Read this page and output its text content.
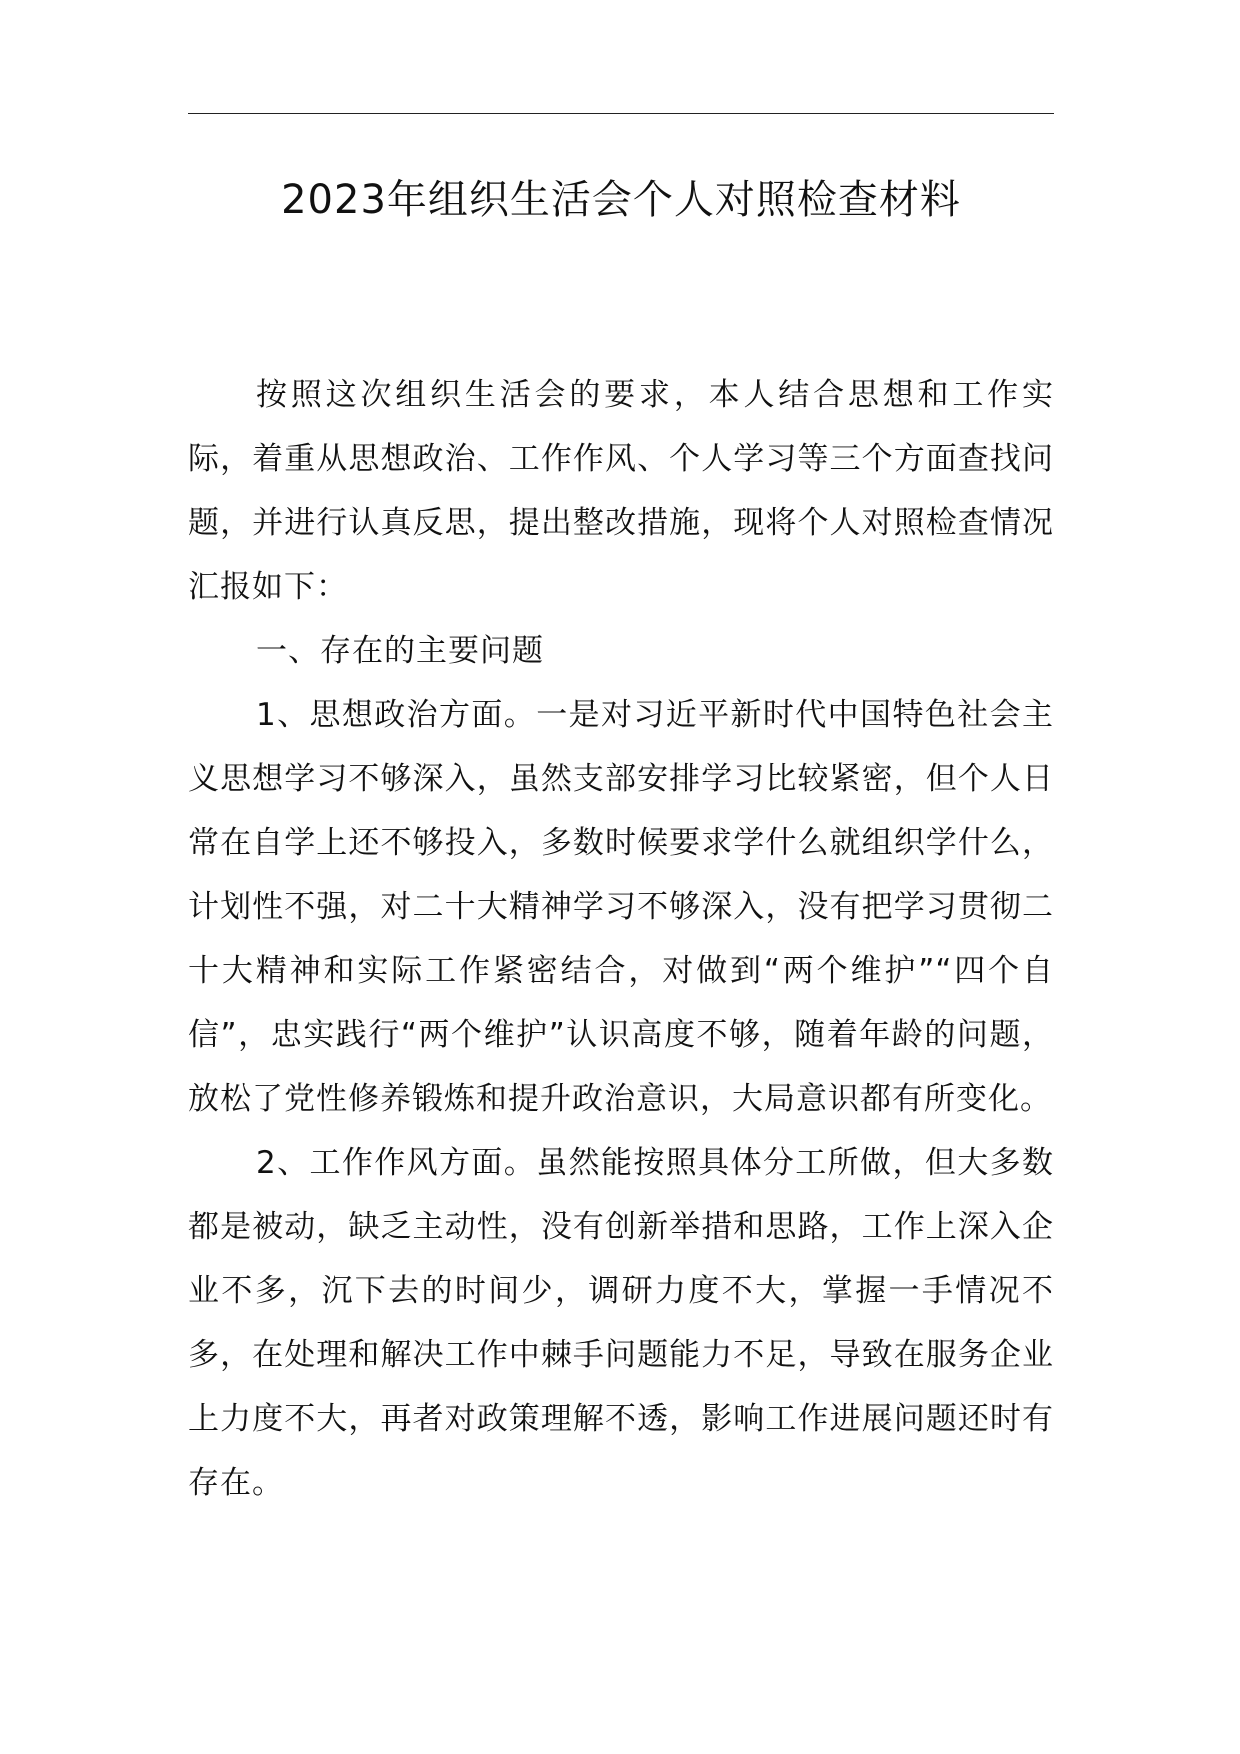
2023年组织生活会个人对照检查材料

按照这次组织生活会的要求，本人结合思想和工作实际，着重从思想政治、工作作风、个人学习等三个方面查找问题，并进行认真反思，提出整改措施，现将个人对照检查情况汇报如下：

一、存在的主要问题

1、思想政治方面。一是对习近平新时代中国特色社会主义思想学习不够深入，虽然支部安排学习比较紧密，但个人日常在自学上还不够投入，多数时候要求学什么就组织学什么，计划性不强，对二十大精神学习不够深入，没有把学习贯彻二十大精神和实际工作紧密结合，对做到“两个维护”“四个自信”，忠实践行“两个维护”认识高度不够，随着年龄的问题，放松了党性修养锻炼和提升政治意识，大局意识都有所变化。

2、工作作风方面。虽然能按照具体分工所做，但大多数都是被动，缺乏主动性，没有创新举措和思路，工作上深入企业不多，沉下去的时间少，调研力度不大，掌握一手情况不多，在处理和解决工作中棘手问题能力不足，导致在服务企业上力度不大，再者对政策理解不透，影响工作进展问题还时有存在。
